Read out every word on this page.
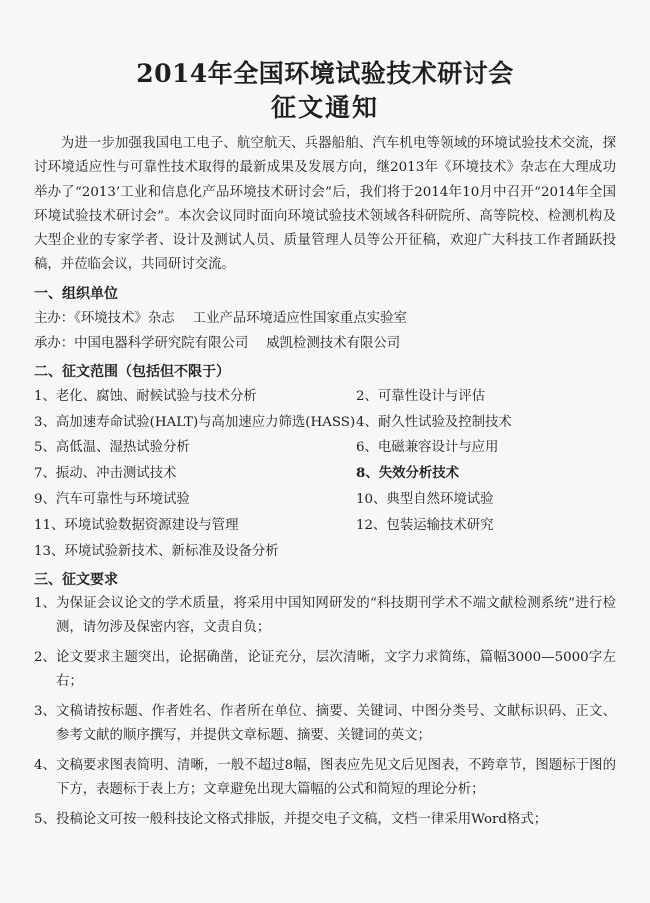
2014年全国环境试验技术研讨会
征文通知

为进一步加强我国电工电子、航空航天、兵器船舶、汽车机电等领域的环境试验技术交流，探讨环境适应性与可靠性技术取得的最新成果及发展方向，继2013年《环境技术》杂志在大理成功举办了“2013’工业和信息化产品环境技术研讨会”后，我们将于2014年10月中召开“2014年全国环境试验技术研讨会”。本次会议同时面向环境试验技术领域各科研院所、高等院校、检测机构及大型企业的专家学者、设计及测试人员、质量管理人员等公开征稿，欢迎广大科技工作者踊跃投稿，并莅临会议，共同研讨交流。

一、组织单位
主办：《环境技术》杂志 工业产品环境适应性国家重点实验室
承办：中国电器科学研究院有限公司 威凯检测技术有限公司
二、征文范围（包括但不限于）
1、老化、腐蚀、耐候试验与技术分析	2、可靠性设计与评估
3、高加速寿命试验(HALT)与高加速应力筛选(HASS) 4、耐久性试验及控制技术
5、高低温、湿热试验分析	6、电磁兼容设计与应用
7、振动、冲击测试技术	8、失效分析技术
9、汽车可靠性与环境试验	10、典型自然环境试验
11、环境试验数据资源建设与管理	12、包装运输技术研究
13、环境试验新技术、新标准及设备分析
三、征文要求
1、 为保证会议论文的学术质量，将采用中国知网研发的“科技期刊学术不端文献检测系统”进行检测，请勿涉及保密内容，文责自负；
2、 论文要求主题突出，论据确凿，论证充分，层次清晰，文字力求简练，篇幅3000—5000字左右；
3、 文稿请按标题、作者姓名、作者所在单位、摘要、关键词、中图分类号、文献标识码、正文、参考文献的顺序撰写，并提供文章标题、摘要、关键词的英文；
4、 文稿要求图表简明、清晰，一般不超过8幅，图表应先见文后见图表，不跨章节，图题标于图的下方，表题标于表上方；文章避免出现大篇幅的公式和简短的理论分析；
5、 投稿论文可按一般科技论文格式排版，并提交电子文稿，文档一律采用Word格式；
